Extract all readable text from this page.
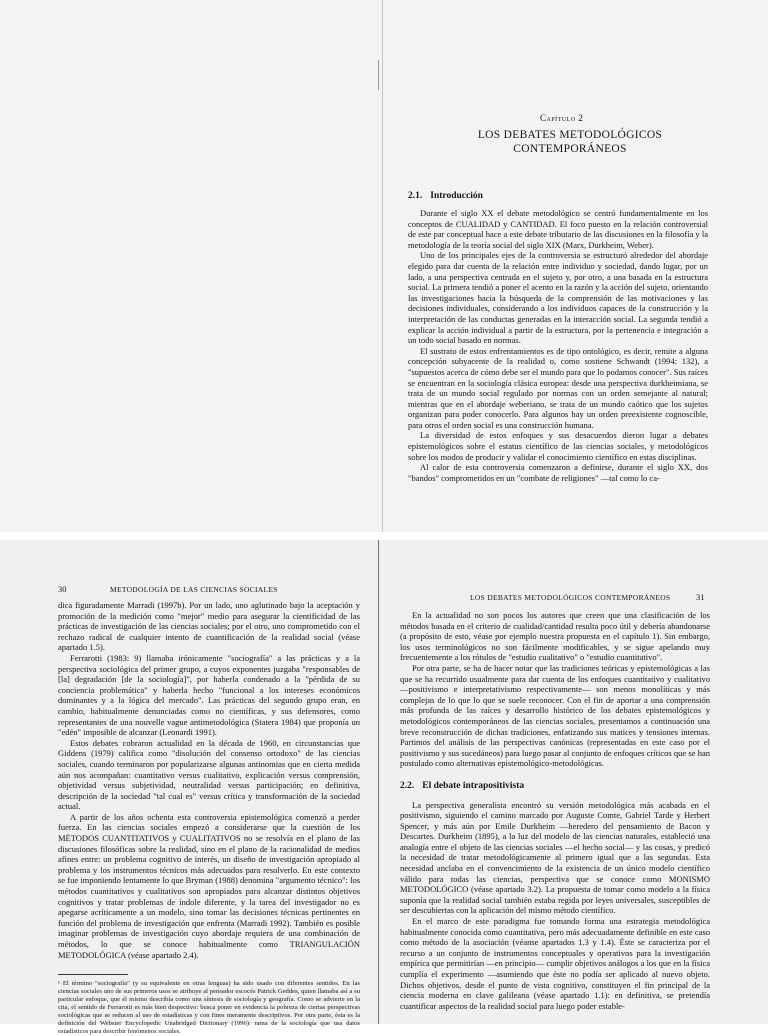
Capítulo 2
LOS DEBATES METODOLÓGICOS CONTEMPORÁNEOS
2.1. Introducción

Durante el siglo XX el debate metodológico se centró fundamentalmente en los conceptos de CUALIDAD y CANTIDAD. El foco puesto en la relación controversial de este par conceptual hace a este debate tributario de las discusiones en la filosofía y la metodología de la teoría social del siglo XIX (Marx, Durkheim, Weber).

Uno de los principales ejes de la controversia se estructuró alrededor del abordaje elegido para dar cuenta de la relación entre individuo y sociedad, dando lugar, por un lado, a una perspectiva centrada en el sujeto y, por otro, a una basada en la estructura social. La primera tendió a poner el acento en la razón y la acción del sujeto, orientando las investigaciones hacia la búsqueda de la comprensión de las motivaciones y las decisiones individuales, considerando a los individuos capaces de la construcción y la interpretación de las conductas generadas en la interacción social. La segunda tendió a explicar la acción individual a partir de la estructura, por la pertenencia e integración a un todo social basado en normas.

El sustrato de estos enfrentamientos es de tipo ontológico, es decir, remite a alguna concepción subyacente de la realidad o, como sostiene Schwandt (1994: 132), a "supuestos acerca de cómo debe ser el mundo para que lo podamos conocer". Sus raíces se encuentran en la sociología clásica europea: desde una perspectiva durkheimiana, se trata de un mundo social regulado por normas con un orden semejante al natural; mientras que en el abordaje weberiano, se trata de un mundo caótico que los sujetos organizan para poder conocerlo. Para algunos hay un orden preexistente cognoscible, para otros el orden social es una construcción humana.

La diversidad de estos enfoques y sus desacuerdos dieron lugar a debates epistemológicos sobre el estatus científico de las ciencias sociales, y metodológicos sobre los modos de producir y validar el conocimiento científico en estas disciplinas.

Al calor de esta controversia comenzaron a definirse, durante el siglo XX, dos "bandos" comprometidos en un "combate de religiones" —tal como lo ca-

30	METODOLOGÍA DE LAS CIENCIAS SOCIALES

dica figuradamente Marradi (1997b). Por un lado, uno aglutinado bajo la aceptación y promoción de la medición como "mejor" medio para asegurar la cientificidad de las prácticas de investigación de las ciencias sociales; por el otro, uno comprometido con el rechazo radical de cualquier intento de cuantificación de la realidad social (véase apartado 1.5).

Ferrarotti (1983: 9) llamaba irónicamente "sociografía" a las prácticas y a la perspectiva sociológica del primer grupo, a cuyos exponentes juzgaba "responsables de [la] degradación [de la sociología]", por haberla condenado a la "pérdida de su conciencia problemática" y haberla hecho "funcional a los intereses económicos dominantes y a la lógica del mercado". Las prácticas del segundo grupo eran, en cambio, habitualmente denunciadas como no científicas, y sus defensores, como representantes de una nouvelle vague antimetodológica (Statera 1984) que proponía un "edén" imposible de alcanzar (Leonardi 1991).

Estos debates cobraron actualidad en la década de 1960, en circunstancias que Giddens (1979) califica como "disolución del consenso ortodoxo" de las ciencias sociales, cuando terminaron por popularizarse algunas antinomias que en cierta medida aún nos acompañan: cuantitativo versus cualitativo, explicación versus comprensión, objetividad versus subjetividad, neutralidad versus participación; en definitiva, descripción de la sociedad "tal cual es" versus crítica y transformación de la sociedad actual.

A partir de los años ochenta esta controversia epistemológica comenzó a perder fuerza. En las ciencias sociales empezó a considerarse que la cuestión de los MÉTODOS CUANTITATIVOS y CUALITATIVOS no se resolvía en el plano de las discusiones filosóficas sobre la realidad, sino en el plano de la racionalidad de medios afines entre: un problema cognitivo de interés, un diseño de investigación apropiado al problema y los instrumentos técnicos más adecuados para resolverlo. En este contexto se fue imponiendo lentamente lo que Bryman (1988) denomina "argumento técnico": los métodos cuantitativos y cualitativos son apropiados para alcanzar distintos objetivos cognitivos y tratar problemas de índole diferente, y la tarea del investigador no es apegarse acríticamente a un modelo, sino tomar las decisiones técnicas pertinentes en función del problema de investigación que enfrenta (Marradi 1992). También es posible imaginar problemas de investigación cuyo abordaje requiera de una combinación de métodos, lo que se conoce habitualmente como TRIANGULACIÓN METODOLÓGICA (véase apartado 2.4).

¹ El término "sociografía" (y su equivalente en otras lenguas) ha sido usado con diferentes sentidos. En las ciencias sociales uno de sus primeros usos se atribuye al pensador escocés Patrick Geddes, quien llamaba así a su particular enfoque, que él mismo describía como una síntesis de sociología y geografía. Como se advierte en la cita, el sentido de Ferrarotti es más bien despectivo: busca poner en evidencia la pobreza de ciertas perspectivas sociológicas que se reducen al uso de estadísticas y con fines meramente descriptivos. Por otra parte, ésta es la definición del Webster Encyclopedic Unabridged Dictionary (1996): rama de la sociología que usa datos estadísticos para describir fenómenos sociales.
LOS DEBATES METODOLÓGICOS CONTEMPORÁNEOS	31

En la actualidad no son pocos los autores que creen que una clasificación de los métodos basada en el criterio de cualidad/cantidad resulta poco útil y debería abandonarse (a propósito de esto, véase por ejemplo nuestra propuesta en el capítulo 1). Sin embargo, los usos terminológicos no son fácilmente modificables, y se sigue apelando muy frecuentemente a los rótulos de "estudio cualitativo" o "estudio cuantitativo".

Por otra parte, se ha de hacer notar que las tradiciones teóricas y epistemológicas a las que se ha recurrido usualmente para dar cuenta de los enfoques cuantitativo y cualitativo —positivismo e interpretativismo respectivamente— son menos monolíticas y más complejas de lo que lo que se suele reconocer. Con el fin de aportar a una comprensión más profunda de las raíces y desarrollo histórico de los debates epistemológicos y metodológicos contemporáneos de las ciencias sociales, presentamos a continuación una breve reconstrucción de dichas tradiciones, enfatizando sus matices y tensiones internas. Partimos del análisis de las perspectivas canónicas (representadas en este caso por el positivismo y sus sucedáneos) para luego pasar al conjunto de enfoques críticos que se han postulado como alternativas epistemológico-metodológicas.

2.2. El debate intrapositivista

La perspectiva generalista encontró su versión metodológica más acabada en el positivismo, siguiendo el camino marcado por Auguste Comte, Gabriel Tarde y Herbert Spencer, y más aún por Emile Durkheim —heredero del pensamiento de Bacon y Descartes. Durkheim (1895), a la luz del modelo de las ciencias naturales, estableció una analogía entre el objeto de las ciencias sociales —el hecho social— y las cosas, y predicó la necesidad de tratar metodológicamente al primero igual que a las segundas. Esta necesidad anclaba en el convencimiento de la existencia de un único modelo científico válido para todas las ciencias, perspectiva que se conoce como MONISMO METODOLÓGICO (véase apartado 3.2). La propuesta de tomar como modelo a la física suponía que la realidad social también estaba regida por leyes universales, susceptibles de ser descubiertas con la aplicación del mismo método científico.

En el marco de este paradigma fue tomando forma una estrategia metodológica habitualmente conocida como cuantitativa, pero más adecuadamente definible en este caso como método de la asociación (véanse apartados 1.3 y 1.4). Éste se caracteriza por el recurso a un conjunto de instrumentos conceptuales y operativos para la investigación empírica que permitirían —en principio— cumplir objetivos análogos a los que en la física cumplía el experimento —asumiendo que éste no podía ser aplicado al nuevo objeto. Dichos objetivos, desde el punto de vista cognitivo, constituyen el fin principal de la ciencia moderna en clave galileana (véase apartado 1.1): en definitiva, se pretendía cuantificar aspectos de la realidad social para luego poder estable-
